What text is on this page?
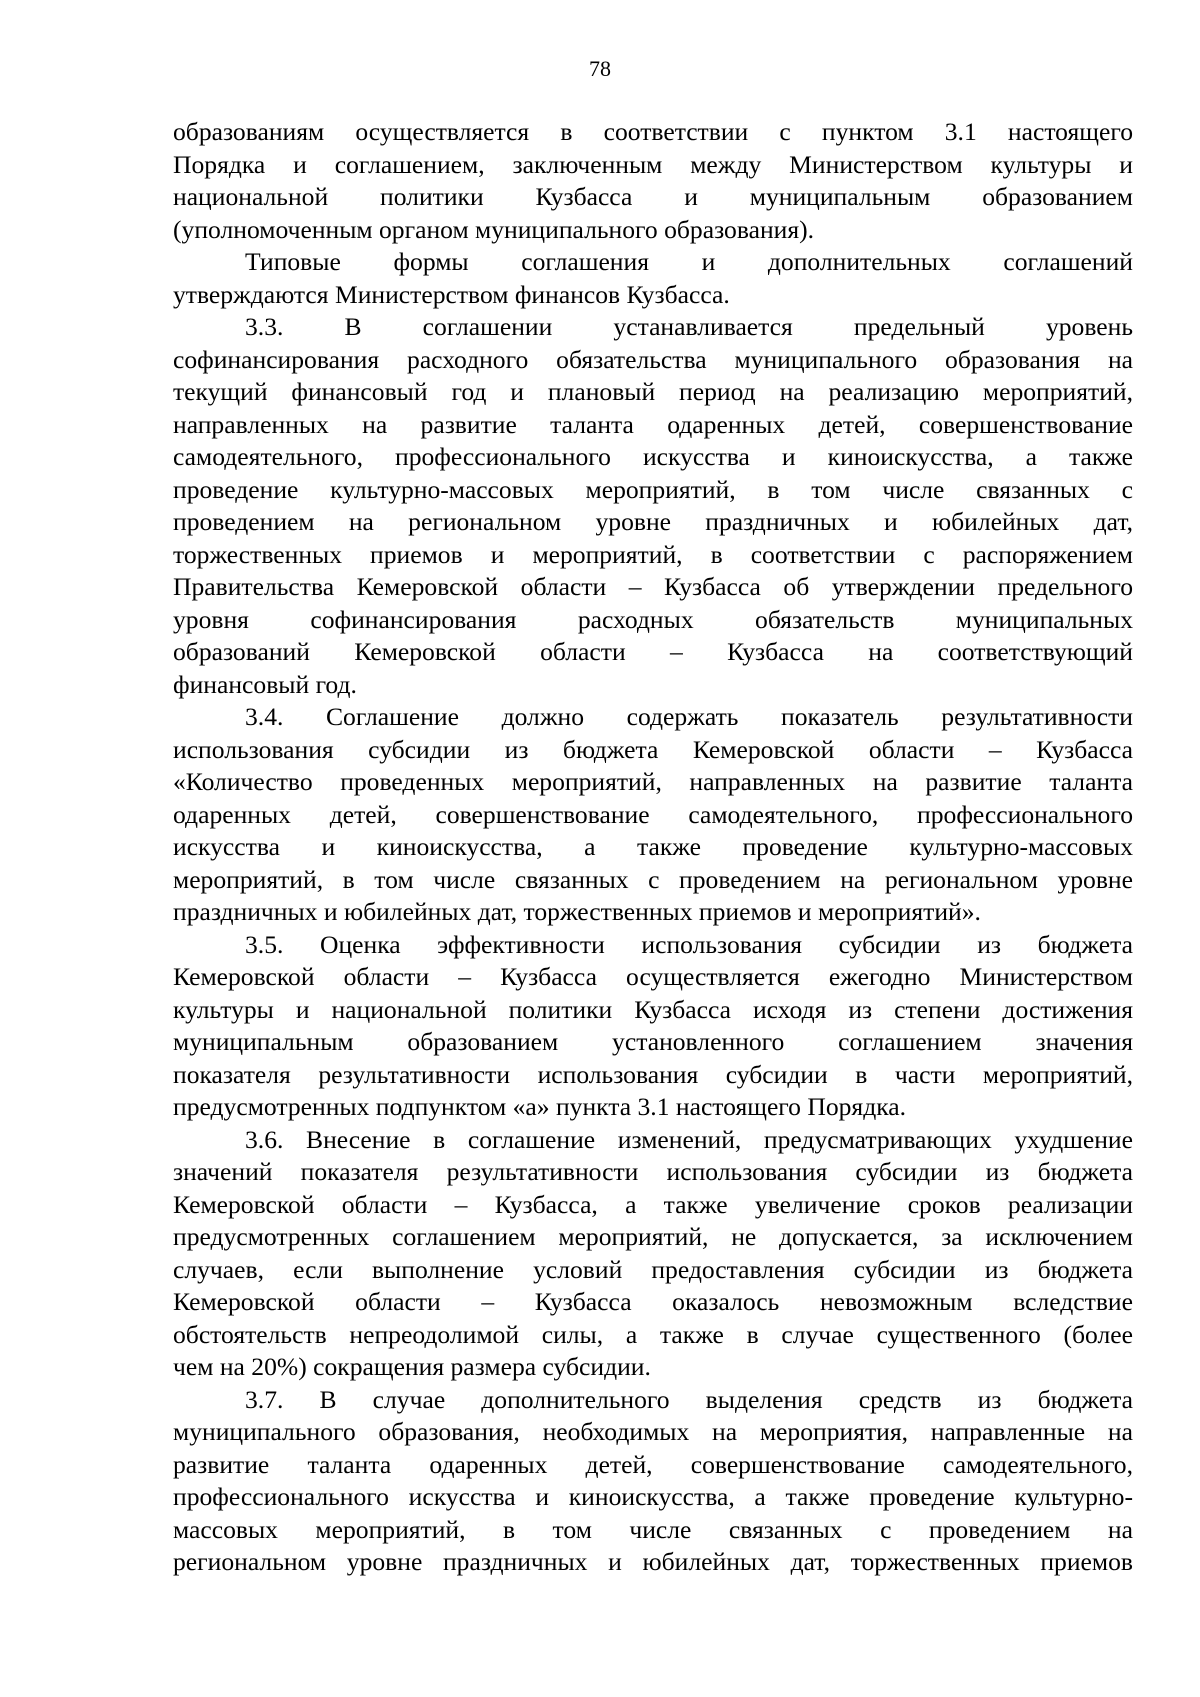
78
образованиям осуществляется в соответствии с пунктом 3.1 настоящего
Порядка и соглашением, заключенным между Министерством культуры и
национальной политики Кузбасса и муниципальным образованием
(уполномоченным органом муниципального образования).
Типовые формы соглашения и дополнительных соглашений
утверждаются Министерством финансов Кузбасса.
3.3. В соглашении устанавливается предельный уровень
софинансирования расходного обязательства муниципального образования на
текущий финансовый год и плановый период на реализацию мероприятий,
направленных на развитие таланта одаренных детей, совершенствование
самодеятельного, профессионального искусства и киноискусства, а также
проведение культурно-массовых мероприятий, в том числе связанных с
проведением на региональном уровне праздничных и юбилейных дат,
торжественных приемов и мероприятий, в соответствии с распоряжением
Правительства Кемеровской области – Кузбасса об утверждении предельного
уровня софинансирования расходных обязательств муниципальных
образований Кемеровской области – Кузбасса на соответствующий
финансовый год.
3.4. Соглашение должно содержать показатель результативности
использования субсидии из бюджета Кемеровской области – Кузбасса
«Количество проведенных мероприятий, направленных на развитие таланта
одаренных детей, совершенствование самодеятельного, профессионального
искусства и киноискусства, а также проведение культурно-массовых
мероприятий, в том числе связанных с проведением на региональном уровне
праздничных и юбилейных дат, торжественных приемов и мероприятий».
3.5. Оценка эффективности использования субсидии из бюджета
Кемеровской области – Кузбасса осуществляется ежегодно Министерством
культуры и национальной политики Кузбасса исходя из степени достижения
муниципальным образованием установленного соглашением значения
показателя результативности использования субсидии в части мероприятий,
предусмотренных подпунктом «а» пункта 3.1 настоящего Порядка.
3.6. Внесение в соглашение изменений, предусматривающих ухудшение
значений показателя результативности использования субсидии из бюджета
Кемеровской области – Кузбасса, а также увеличение сроков реализации
предусмотренных соглашением мероприятий, не допускается, за исключением
случаев, если выполнение условий предоставления субсидии из бюджета
Кемеровской области – Кузбасса оказалось невозможным вследствие
обстоятельств непреодолимой силы, а также в случае существенного (более
чем на 20%) сокращения размера субсидии.
3.7. В случае дополнительного выделения средств из бюджета
муниципального образования, необходимых на мероприятия, направленные на
развитие таланта одаренных детей, совершенствование самодеятельного,
профессионального искусства и киноискусства, а также проведение культурно-
массовых мероприятий, в том числе связанных с проведением на
региональном уровне праздничных и юбилейных дат, торжественных приемов
